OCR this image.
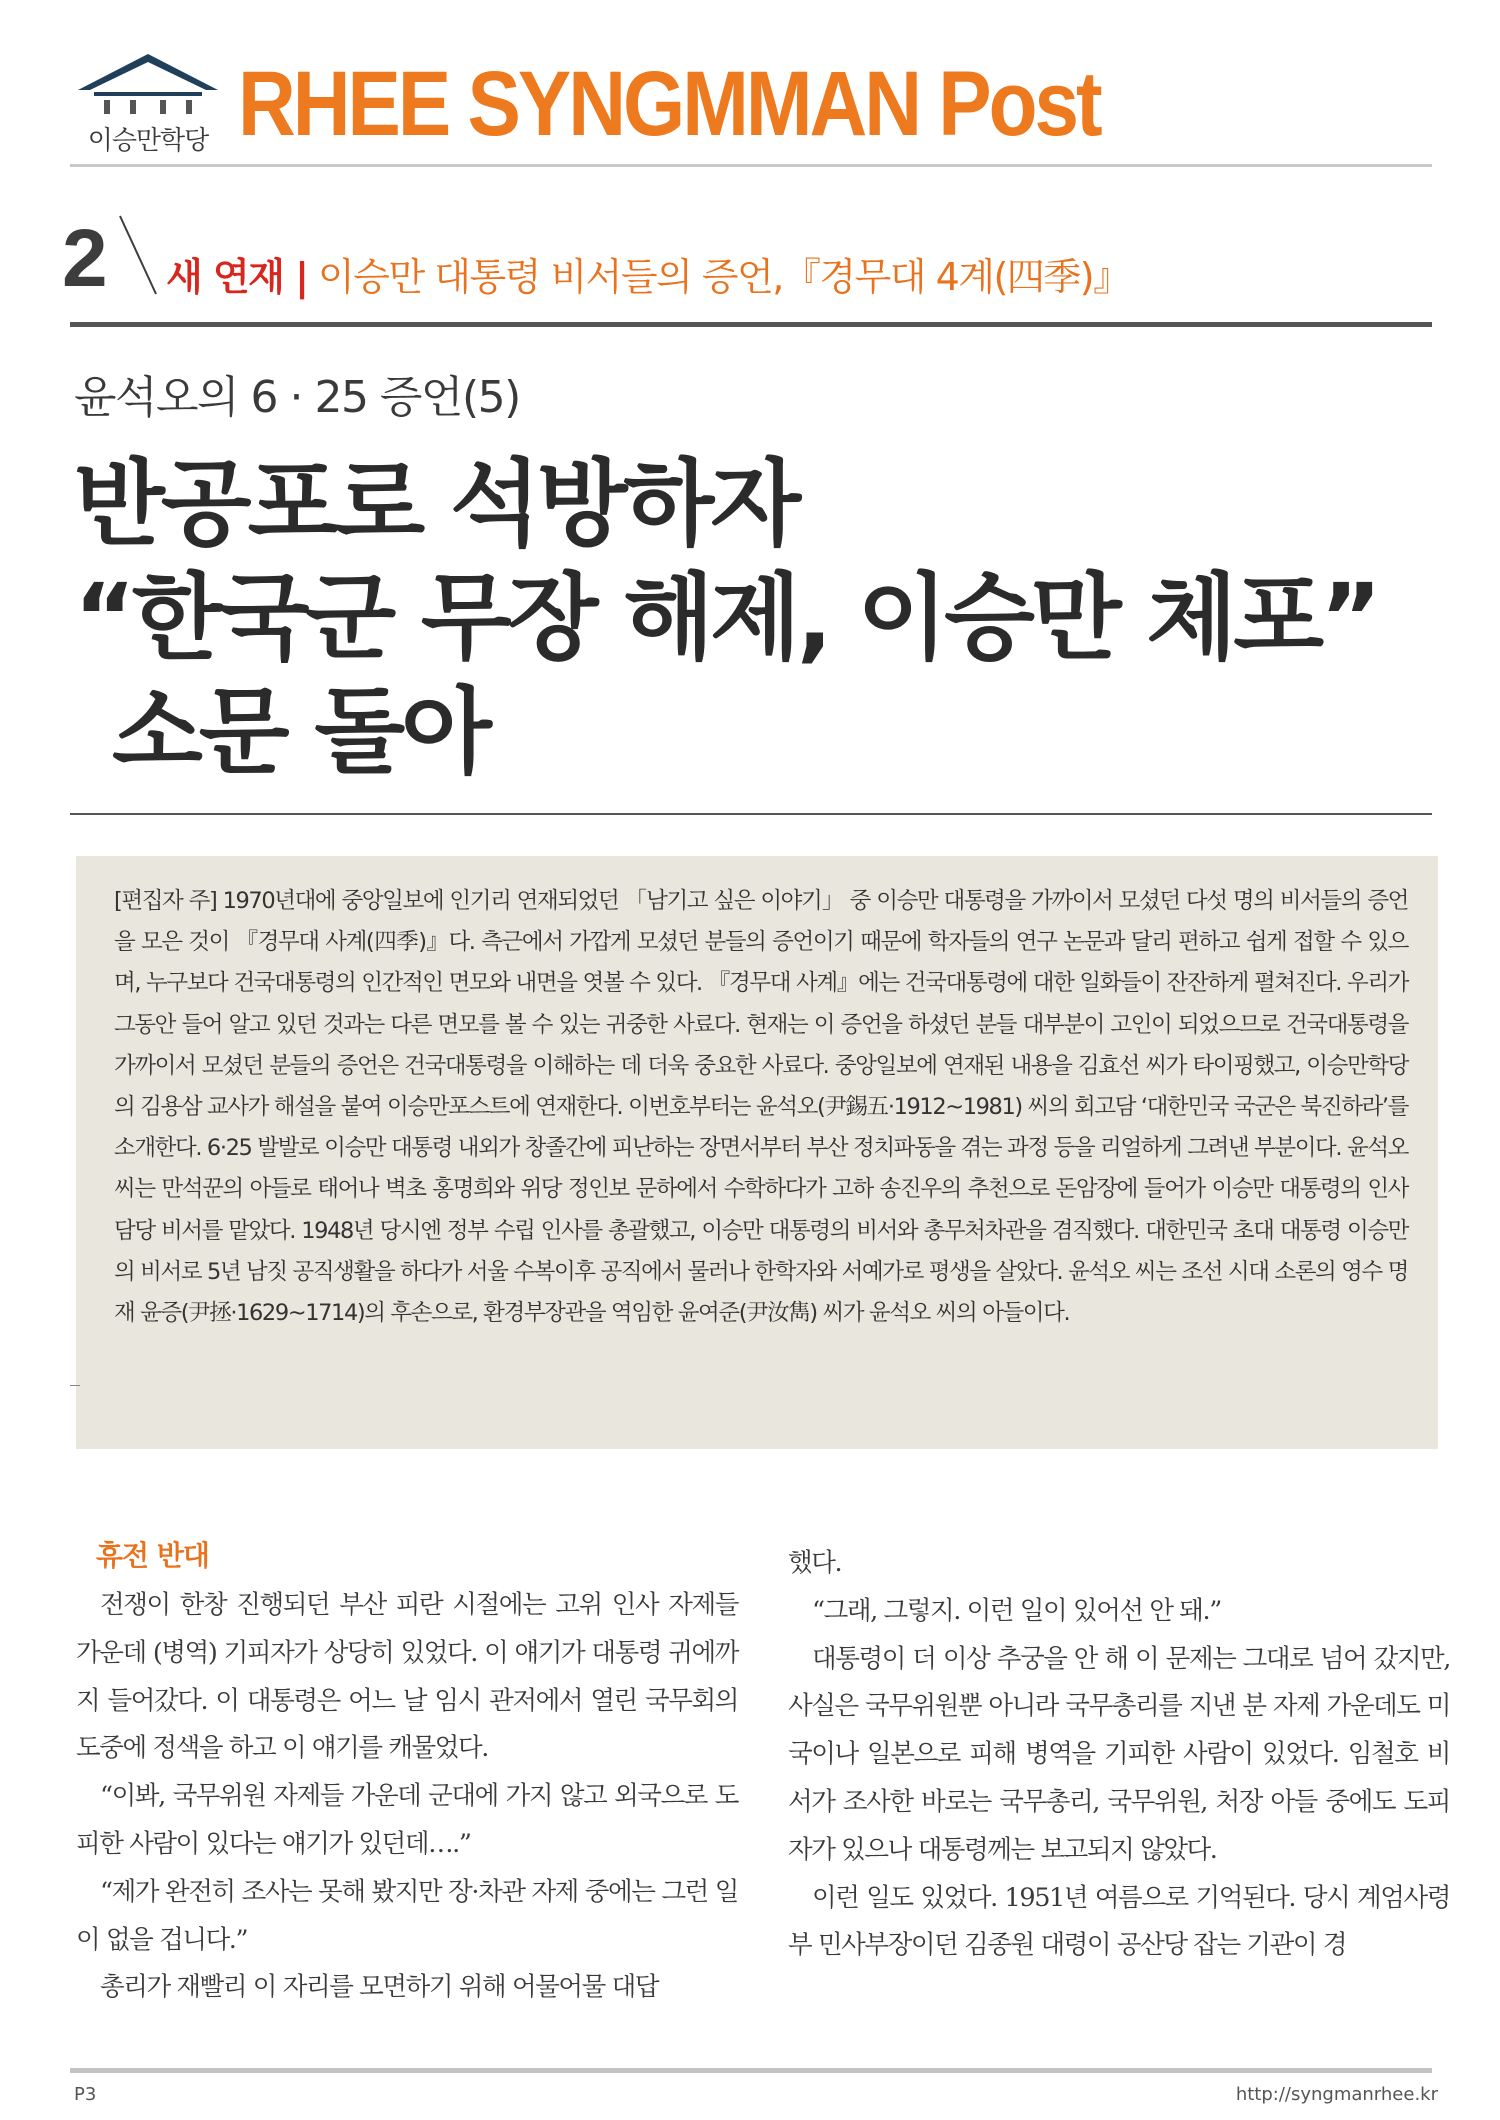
이승만학당 RHEE SYNGMMAN Post
2 새 연재 | 이승만 대통령 비서들의 증언,『경무대 4계(四季)』
윤석오의 6 · 25 증언(5)
반공포로 석방하자
“한국군 무장 해제, 이승만 체포”
소문 돌아

[편집자 주] 1970년대에 중앙일보에 인기리 연재되었던 「남기고 싶은 이야기」 중 이승만 대통령을 가까이서 모셨던 다섯 명의 비서들의 증언을 모은 것이 『경무대 사계(四季)』다. 측근에서 가깝게 모셨던 분들의 증언이기 때문에 학자들의 연구 논문과 달리 편하고 쉽게 접할 수 있으며, 누구보다 건국대통령의 인간적인 면모와 내면을 엿볼 수 있다. 『경무대 사계』에는 건국대통령에 대한 일화들이 잔잔하게 펼쳐진다. 우리가 그동안 들어 알고 있던 것과는 다른 면모를 볼 수 있는 귀중한 사료다. 현재는 이 증언을 하셨던 분들 대부분이 고인이 되었으므로 건국대통령을 가까이서 모셨던 분들의 증언은 건국대통령을 이해하는 데 더욱 중요한 사료다. 중앙일보에 연재된 내용을 김효선 씨가 타이핑했고, 이승만학당의 김용삼 교사가 해설을 붙여 이승만포스트에 연재한다. 이번호부터는 윤석오(尹錫五·1912~1981) 씨의 회고담 ‘대한민국 국군은 북진하라’를 소개한다. 6·25 발발로 이승만 대통령 내외가 창졸간에 피난하는 장면서부터 부산 정치파동을 겪는 과정 등을 리얼하게 그려낸 부분이다. 윤석오 씨는 만석꾼의 아들로 태어나 벽초 홍명희와 위당 정인보 문하에서 수학하다가 고하 송진우의 추천으로 돈암장에 들어가 이승만 대통령의 인사 담당 비서를 맡았다. 1948년 당시엔 정부 수립 인사를 총괄했고, 이승만 대통령의 비서와 총무처차관을 겸직했다. 대한민국 초대 대통령 이승만의 비서로 5년 남짓 공직생활을 하다가 서울 수복이후 공직에서 물러나 한학자와 서예가로 평생을 살았다. 윤석오 씨는 조선 시대 소론의 영수 명재 윤증(尹拯·1629~1714)의 후손으로, 환경부장관을 역임한 윤여준(尹汝雋) 씨가 윤석오 씨의 아들이다.

휴전 반대

전쟁이 한창 진행되던 부산 피란 시절에는 고위 인사 자제들 가운데 (병역) 기피자가 상당히 있었다. 이 얘기가 대통령 귀에까지 들어갔다. 이 대통령은 어느 날 임시 관저에서 열린 국무회의 도중에 정색을 하고 이 얘기를 캐물었다.

“이봐, 국무위원 자제들 가운데 군대에 가지 않고 외국으로 도피한 사람이 있다는 얘기가 있던데….”

“제가 완전히 조사는 못해 봤지만 장·차관 자제 중에는 그런 일이 없을 겁니다.”

총리가 재빨리 이 자리를 모면하기 위해 어물어물 대답

했다.

“그래, 그렇지. 이런 일이 있어선 안 돼.”

대통령이 더 이상 추궁을 안 해 이 문제는 그대로 넘어 갔지만, 사실은 국무위원뿐 아니라 국무총리를 지낸 분 자제 가운데도 미국이나 일본으로 피해 병역을 기피한 사람이 있었다. 임철호 비서가 조사한 바로는 국무총리, 국무위원, 처장 아들 중에도 도피자가 있으나 대통령께는 보고되지 않았다.

이런 일도 있었다. 1951년 여름으로 기억된다. 당시 계엄사령부 민사부장이던 김종원 대령이 공산당 잡는 기관이 경

P3	http://syngmanrhee.kr
